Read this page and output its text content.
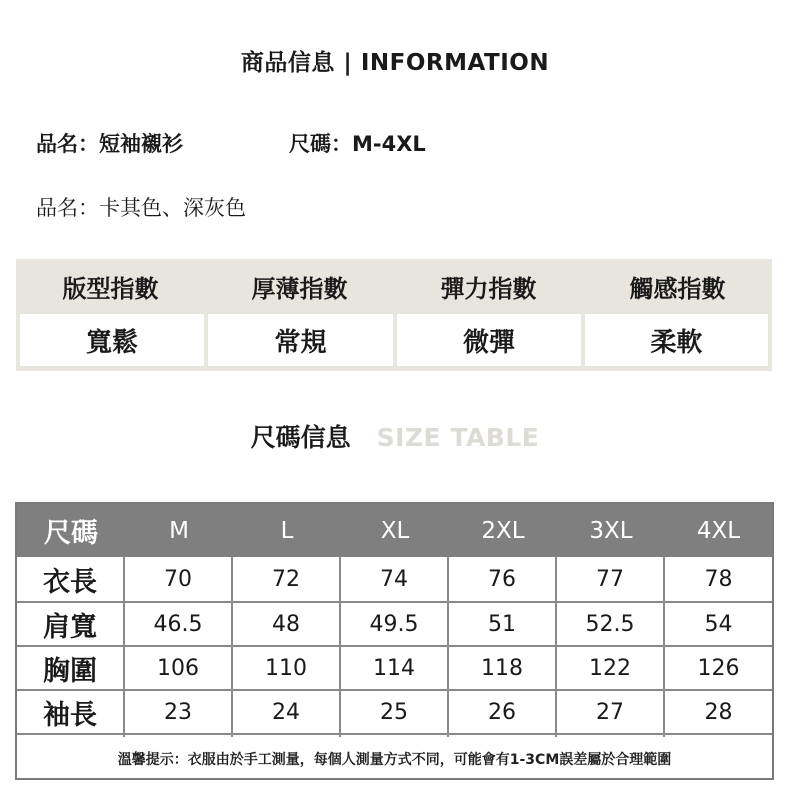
商品信息 | INFORMATION
品名：短袖襯衫	尺碼：M-4XL
品名：卡其色、深灰色
版型指數	厚薄指數	彈力指數	觸感指數
寬鬆	常規	微彈	柔軟
尺碼信息 SIZE TABLE
尺碼	M	L	XL	2XL	3XL	4XL
衣長	70	72	74	76	77	78
肩寬	46.5	48	49.5	51	52.5	54
胸圍	106	110	114	118	122	126
袖長	23	24	25	26	27	28
溫馨提示：衣服由於手工測量，每個人測量方式不同，可能會有1-3CM誤差屬於合理範圍
